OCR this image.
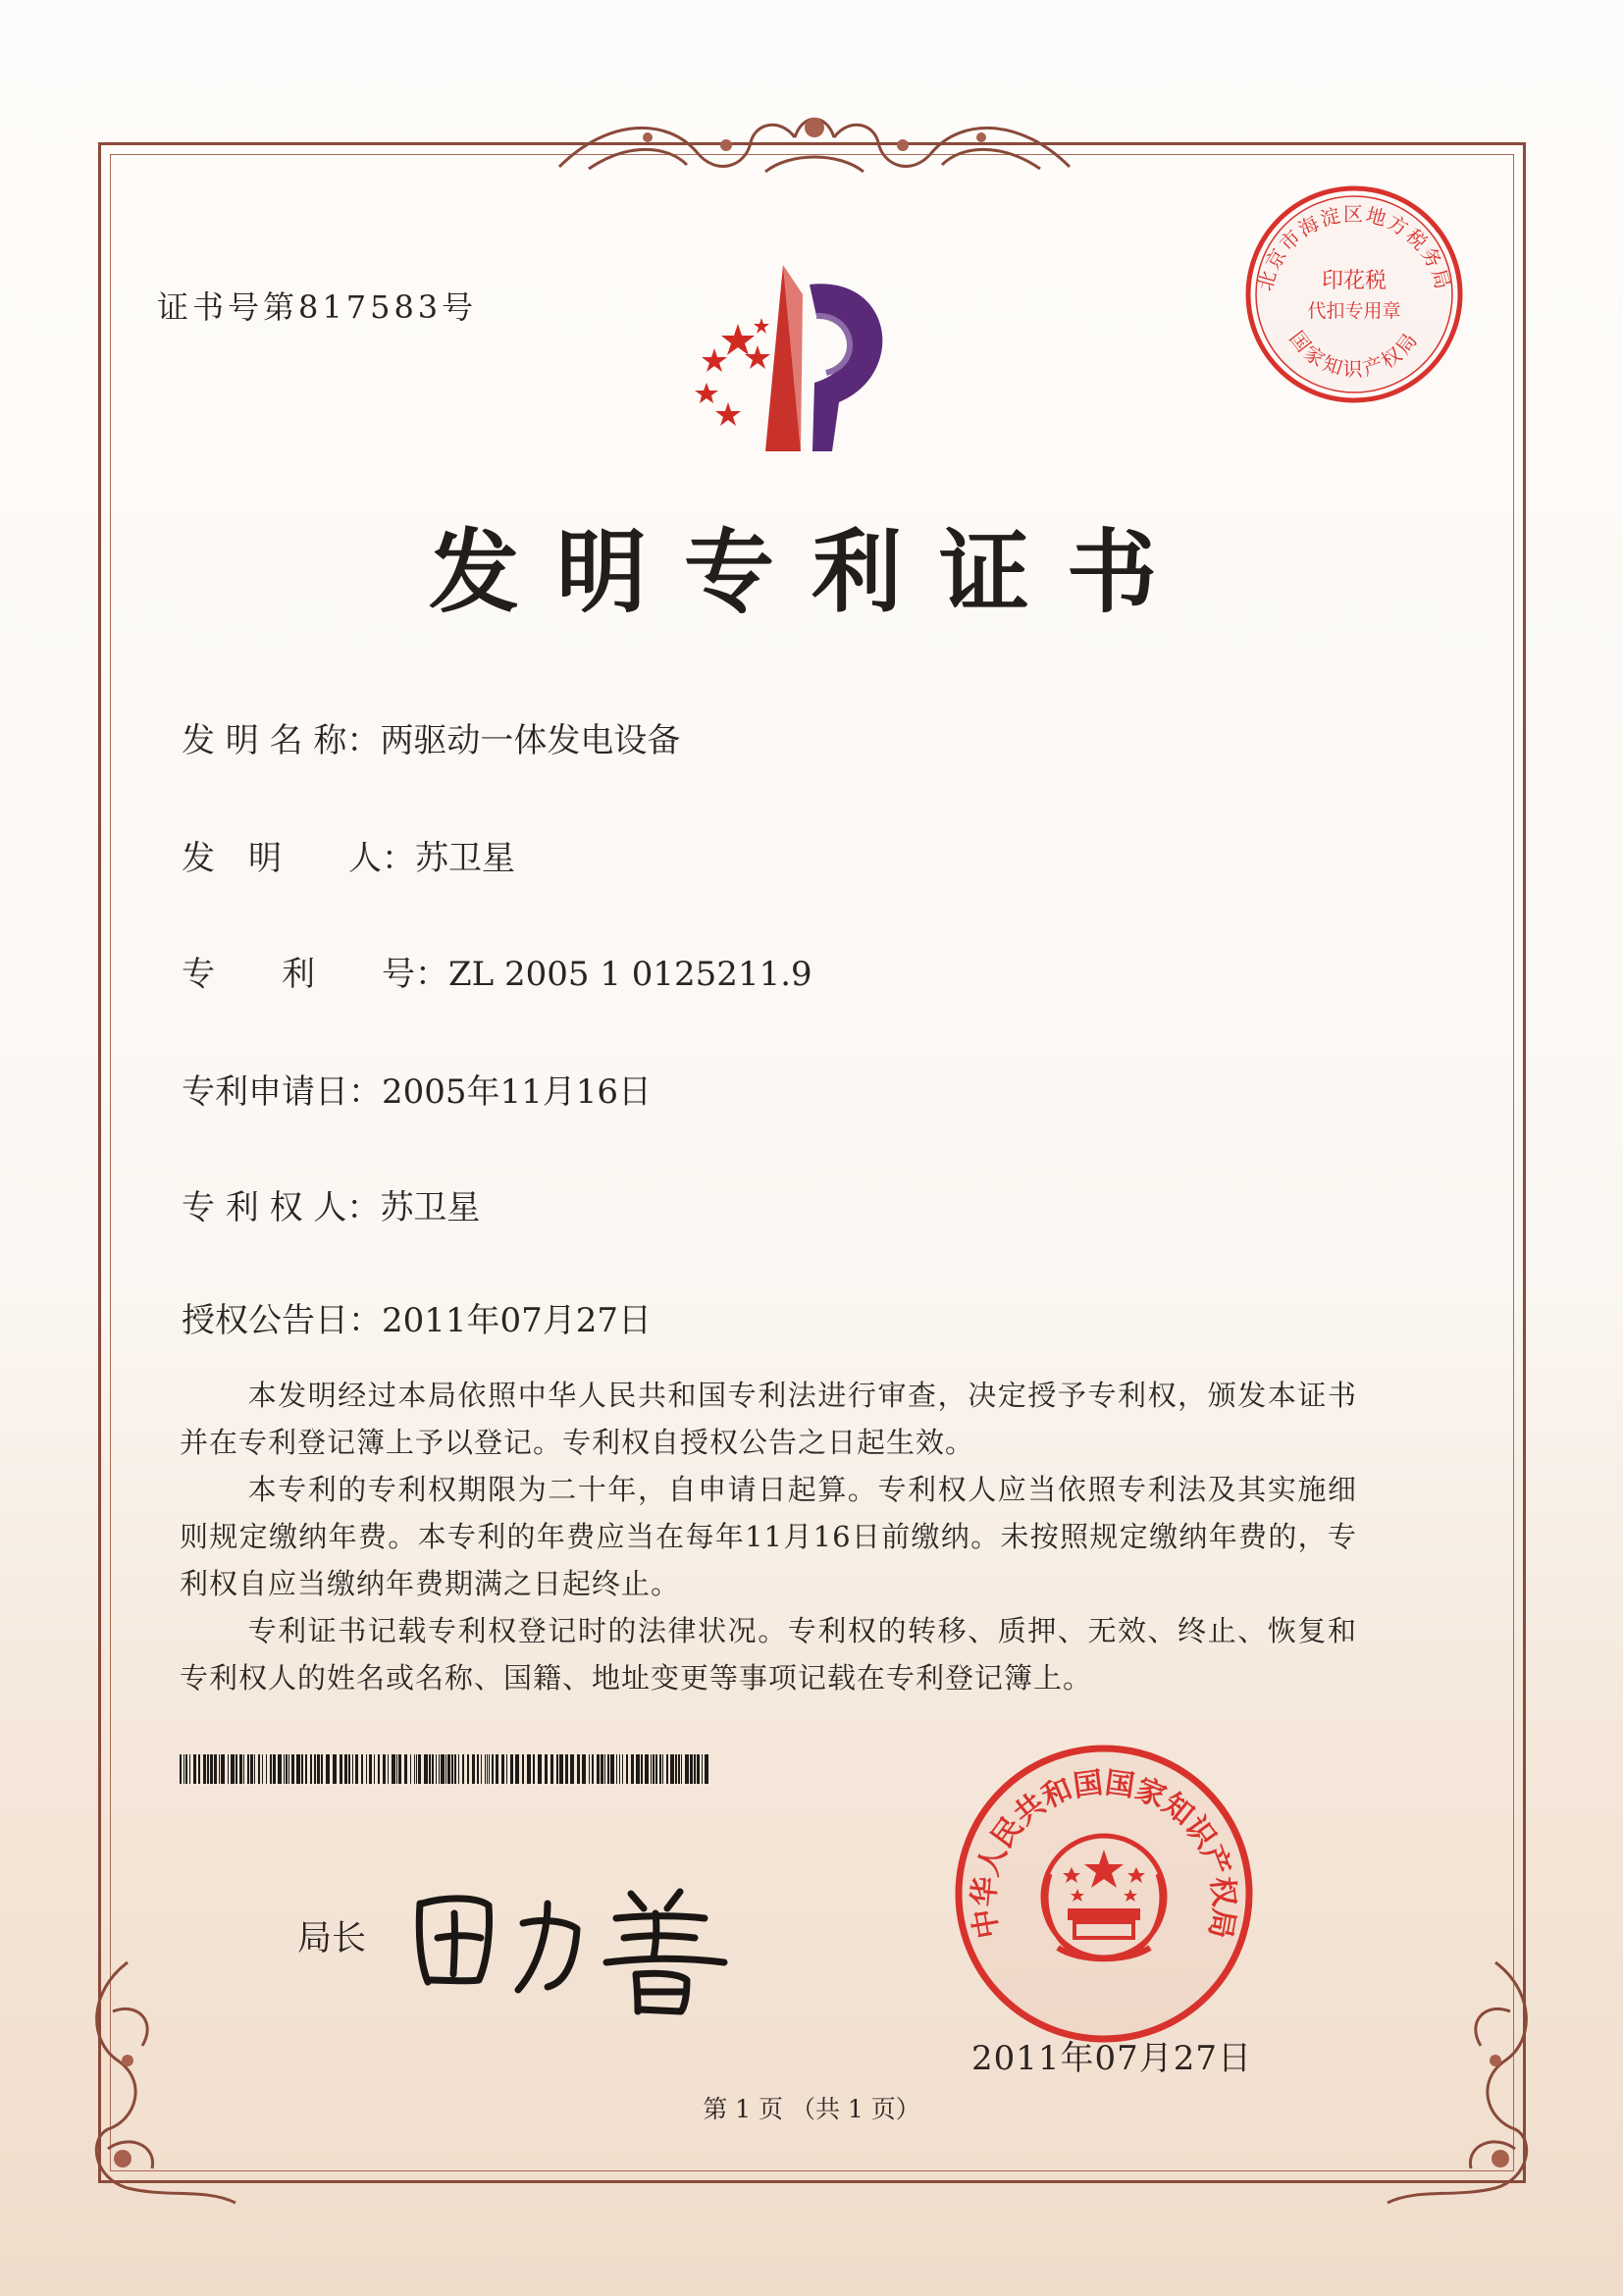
证书号第817583号
发明专利证书
发 明 名 称：两驱动一体发电设备
发　明　　人：苏卫星
专　　利　　号：ZL 2005 1 0125211.9
专利申请日：2005年11月16日
专 利 权 人：苏卫星
授权公告日：2011年07月27日

本发明经过本局依照中华人民共和国专利法进行审查，决定授予专利权，颁发本证书并在专利登记簿上予以登记。专利权自授权公告之日起生效。

本专利的专利权期限为二十年，自申请日起算。专利权人应当依照专利法及其实施细则规定缴纳年费。本专利的年费应当在每年11月16日前缴纳。未按照规定缴纳年费的，专利权自应当缴纳年费期满之日起终止。

专利证书记载专利权登记时的法律状况。专利权的转移、质押、无效、终止、恢复和专利权人的姓名或名称、国籍、地址变更等事项记载在专利登记簿上。

局长
北京市海淀区地方税务局
印花税
代扣专用章
国家知识产权局
中华人民共和国国家知识产权局
2011年07月27日
第 1 页 （共 1 页）
